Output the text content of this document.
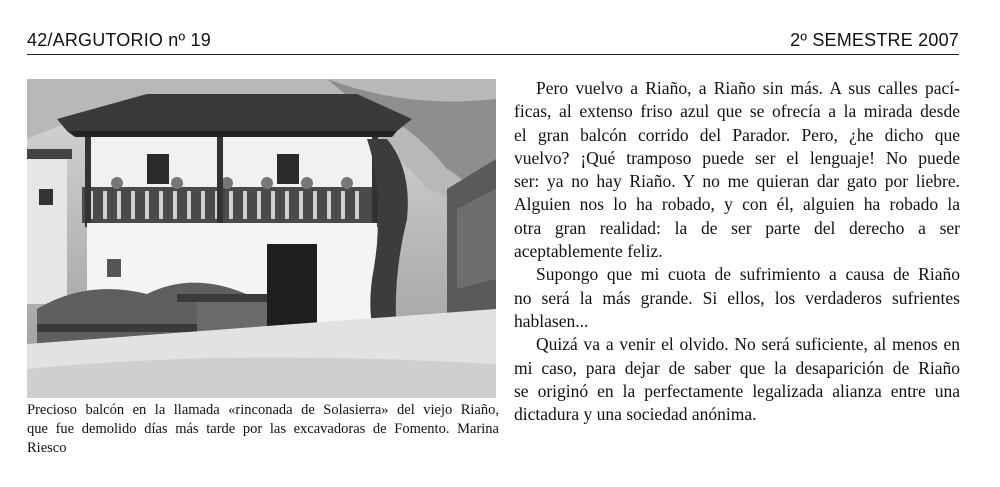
42/ARGUTORIO nº 19	2º SEMESTRE 2007
Precioso balcón en la llamada «rinconada de Solasierra» del viejo Riaño,
que fue demolido días más tarde por las excavadoras de Fomento. Marina
Riesco
Pero vuelvo a Riaño, a Riaño sin más. A sus calles pací-
ficas, al extenso friso azul que se ofrecía a la mirada desde
el gran balcón corrido del Parador. Pero, ¿he dicho que
vuelvo? ¡Qué tramposo puede ser el lenguaje! No puede
ser: ya no hay Riaño. Y no me quieran dar gato por liebre.
Alguien nos lo ha robado, y con él, alguien ha robado la
otra gran realidad: la de ser parte del derecho a ser
aceptablemente feliz.
Supongo que mi cuota de sufrimiento a causa de Riaño
no será la más grande. Si ellos, los verdaderos sufrientes
hablasen...
Quizá va a venir el olvido. No será suficiente, al menos en
mi caso, para dejar de saber que la desaparición de Riaño
se originó en la perfectamente legalizada alianza entre una
dictadura y una sociedad anónima.
